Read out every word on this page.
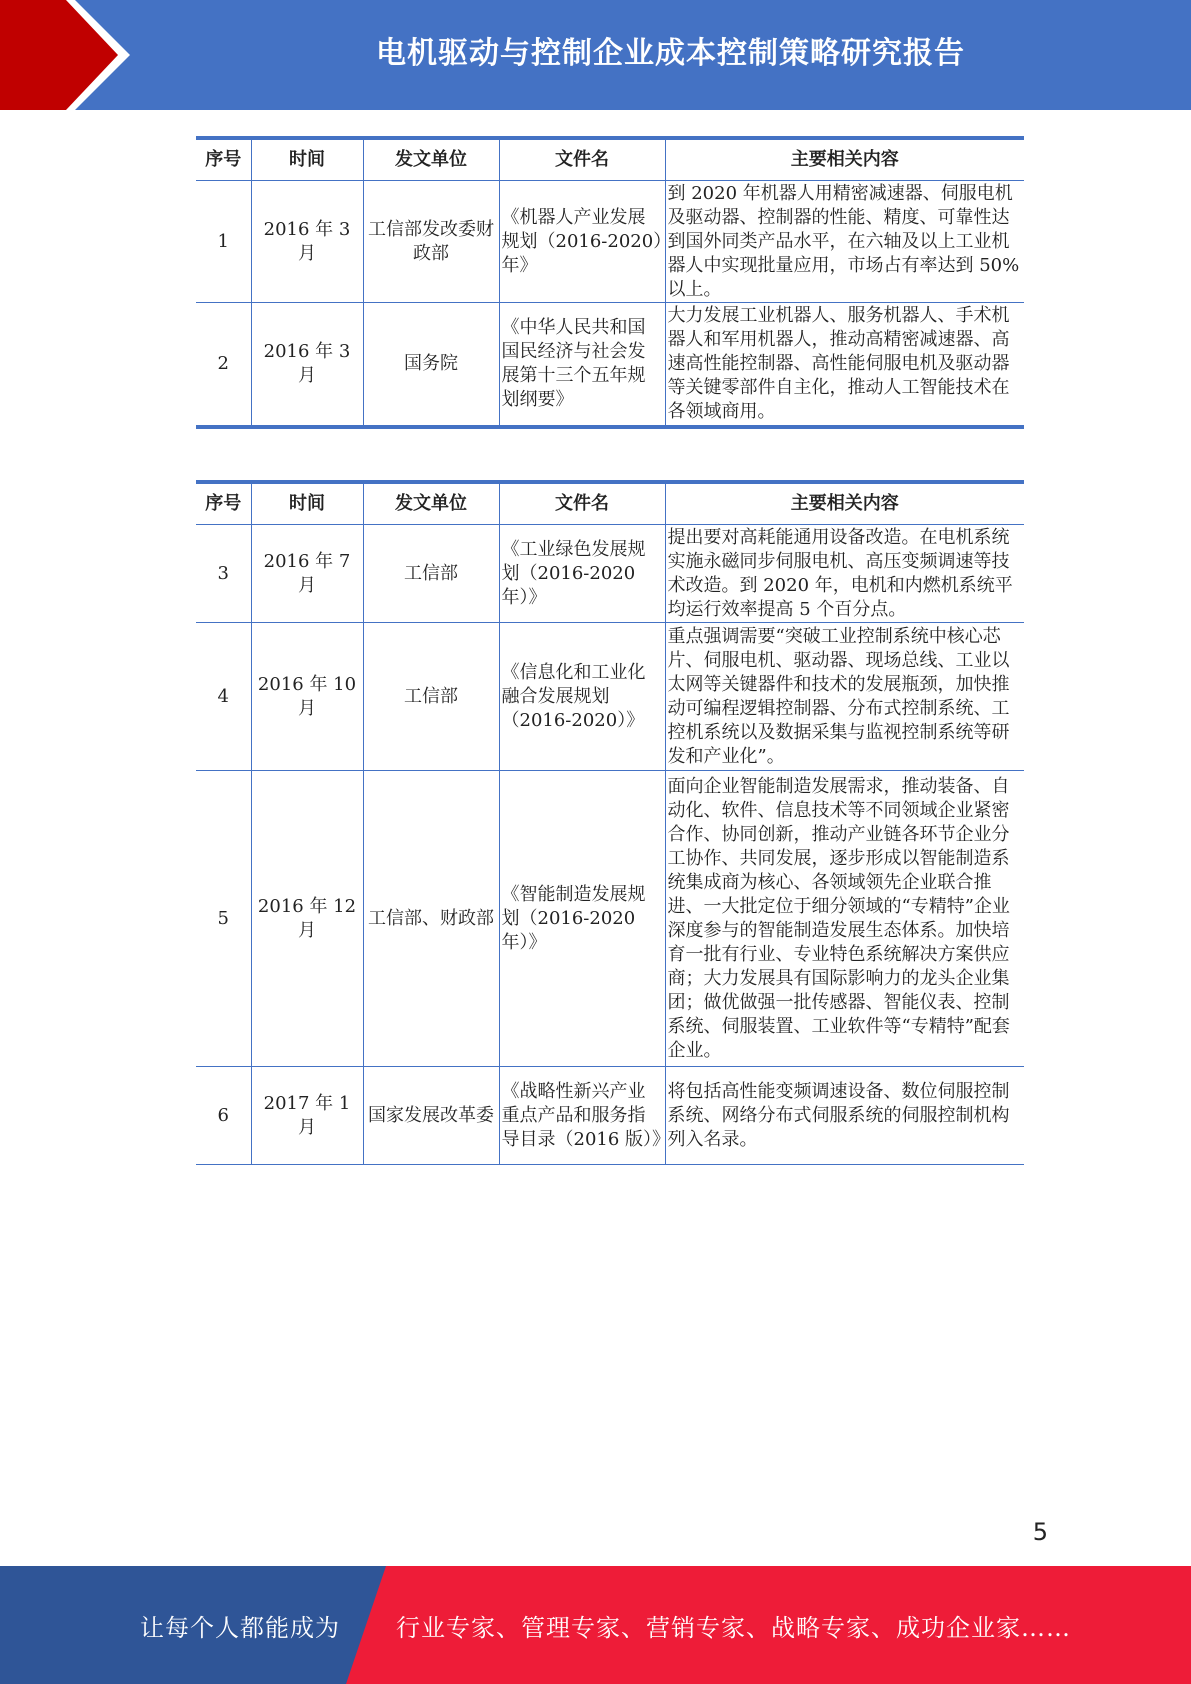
电机驱动与控制企业成本控制策略研究报告
序号	时间	发文单位	文件名	主要相关内容
1	2016 年 3 月	工信部发改委财政部	《机器人产业发展规划（2016-2020）年》	到 2020 年机器人用精密减速器、伺服电机及驱动器、控制器的性能、精度、可靠性达到国外同类产品水平，在六轴及以上工业机器人中实现批量应用，市场占有率达到 50%以上。
2	2016 年 3 月	国务院	《中华人民共和国国民经济与社会发展第十三个五年规划纲要》	大力发展工业机器人、服务机器人、手术机器人和军用机器人，推动高精密减速器、高速高性能控制器、高性能伺服电机及驱动器等关键零部件自主化，推动人工智能技术在各领域商用。
序号	时间	发文单位	文件名	主要相关内容
3	2016 年 7 月	工信部	《工业绿色发展规划（2016-2020 年）》	提出要对高耗能通用设备改造。在电机系统实施永磁同步伺服电机、高压变频调速等技术改造。到 2020 年，电机和内燃机系统平均运行效率提高 5 个百分点。
4	2016 年 10 月	工信部	《信息化和工业化融合发展规划（2016-2020）》	重点强调需要“突破工业控制系统中核心芯片、伺服电机、驱动器、现场总线、工业以太网等关键器件和技术的发展瓶颈，加快推动可编程逻辑控制器、分布式控制系统、工控机系统以及数据采集与监视控制系统等研发和产业化”。
5	2016 年 12 月	工信部、财政部	《智能制造发展规划（2016-2020 年）》	面向企业智能制造发展需求，推动装备、自动化、软件、信息技术等不同领域企业紧密合作、协同创新，推动产业链各环节企业分工协作、共同发展，逐步形成以智能制造系统集成商为核心、各领域领先企业联合推进、一大批定位于细分领域的“专精特”企业深度参与的智能制造发展生态体系。加快培育一批有行业、专业特色系统解决方案供应商；大力发展具有国际影响力的龙头企业集团；做优做强一批传感器、智能仪表、控制系统、伺服装置、工业软件等“专精特”配套企业。
6	2017 年 1 月	国家发展改革委	《战略性新兴产业重点产品和服务指导目录（2016 版）》	将包括高性能变频调速设备、数位伺服控制系统、网络分布式伺服系统的伺服控制机构列入名录。
5
让每个人都能成为 行业专家、管理专家、营销专家、战略专家、成功企业家……
